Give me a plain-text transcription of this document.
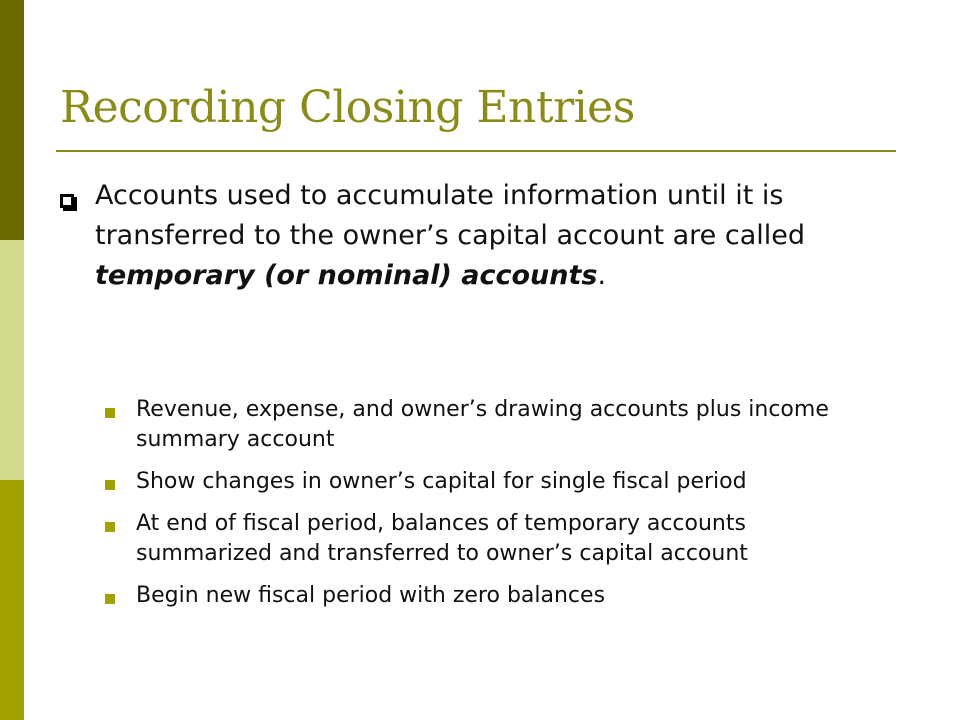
Recording Closing Entries

Accounts used to accumulate information until it is transferred to the owner’s capital account are called temporary (or nominal) accounts.

Revenue, expense, and owner’s drawing accounts plus income summary account
Show changes in owner’s capital for single fiscal period
At end of fiscal period, balances of temporary accounts summarized and transferred to owner’s capital account
Begin new fiscal period with zero balances
